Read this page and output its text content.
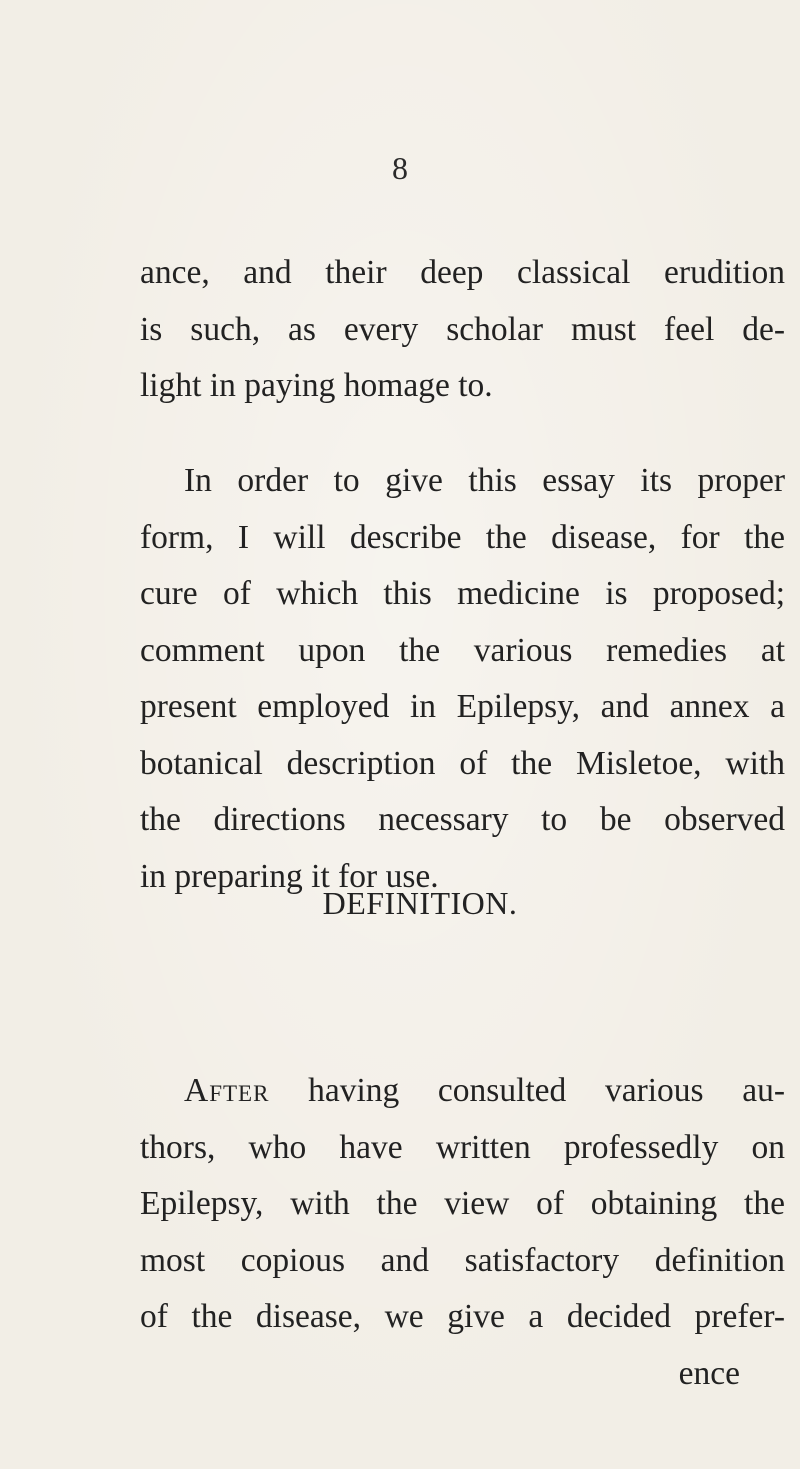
8
ance, and their deep classical erudition
is such, as every scholar must feel de-
light in paying homage to.
In order to give this essay its proper
form, I will describe the disease, for the
cure of which this medicine is proposed;
comment upon the various remedies at
present employed in Epilepsy, and annex a
botanical description of the Misletoe, with
the directions necessary to be observed
in preparing it for use.
DEFINITION.
After having consulted various au-
thors, who have written professedly on
Epilepsy, with the view of obtaining the
most copious and satisfactory definition
of the disease, we give a decided prefer-
ence
